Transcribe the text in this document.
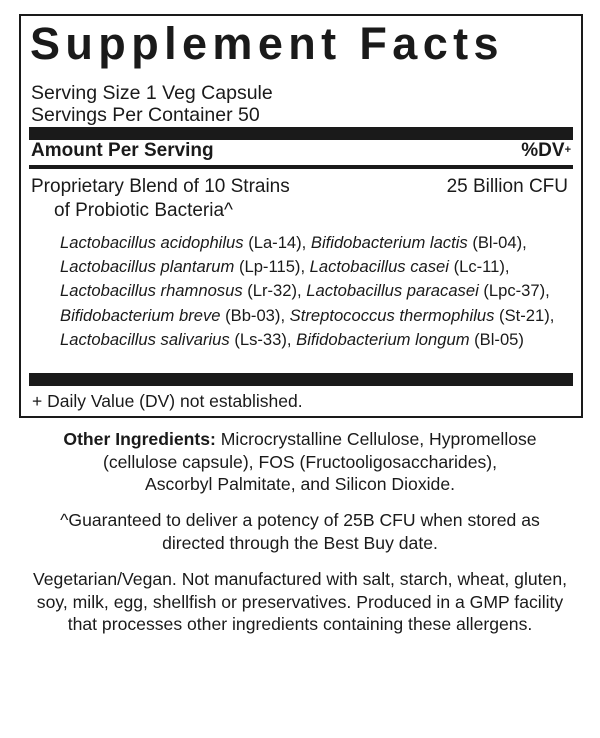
Supplement Facts
Serving Size 1 Veg Capsule
Servings Per Container 50
Amount Per Serving	%DV+
Proprietary Blend of 10 Strains
of Probiotic Bacteria^
25 Billion CFU
Lactobacillus acidophilus (La-14), Bifidobacterium lactis (Bl-04),
Lactobacillus plantarum (Lp-115), Lactobacillus casei (Lc-11),
Lactobacillus rhamnosus (Lr-32), Lactobacillus paracasei (Lpc-37),
Bifidobacterium breve (Bb-03), Streptococcus thermophilus (St-21),
Lactobacillus salivarius (Ls-33), Bifidobacterium longum (Bl-05)
+ Daily Value (DV) not established.
Other Ingredients: Microcrystalline Cellulose, Hypromellose
(cellulose capsule), FOS (Fructooligosaccharides),
Ascorbyl Palmitate, and Silicon Dioxide.
^Guaranteed to deliver a potency of 25B CFU when stored as
directed through the Best Buy date.
Vegetarian/Vegan. Not manufactured with salt, starch, wheat, gluten,
soy, milk, egg, shellfish or preservatives. Produced in a GMP facility
that processes other ingredients containing these allergens.
